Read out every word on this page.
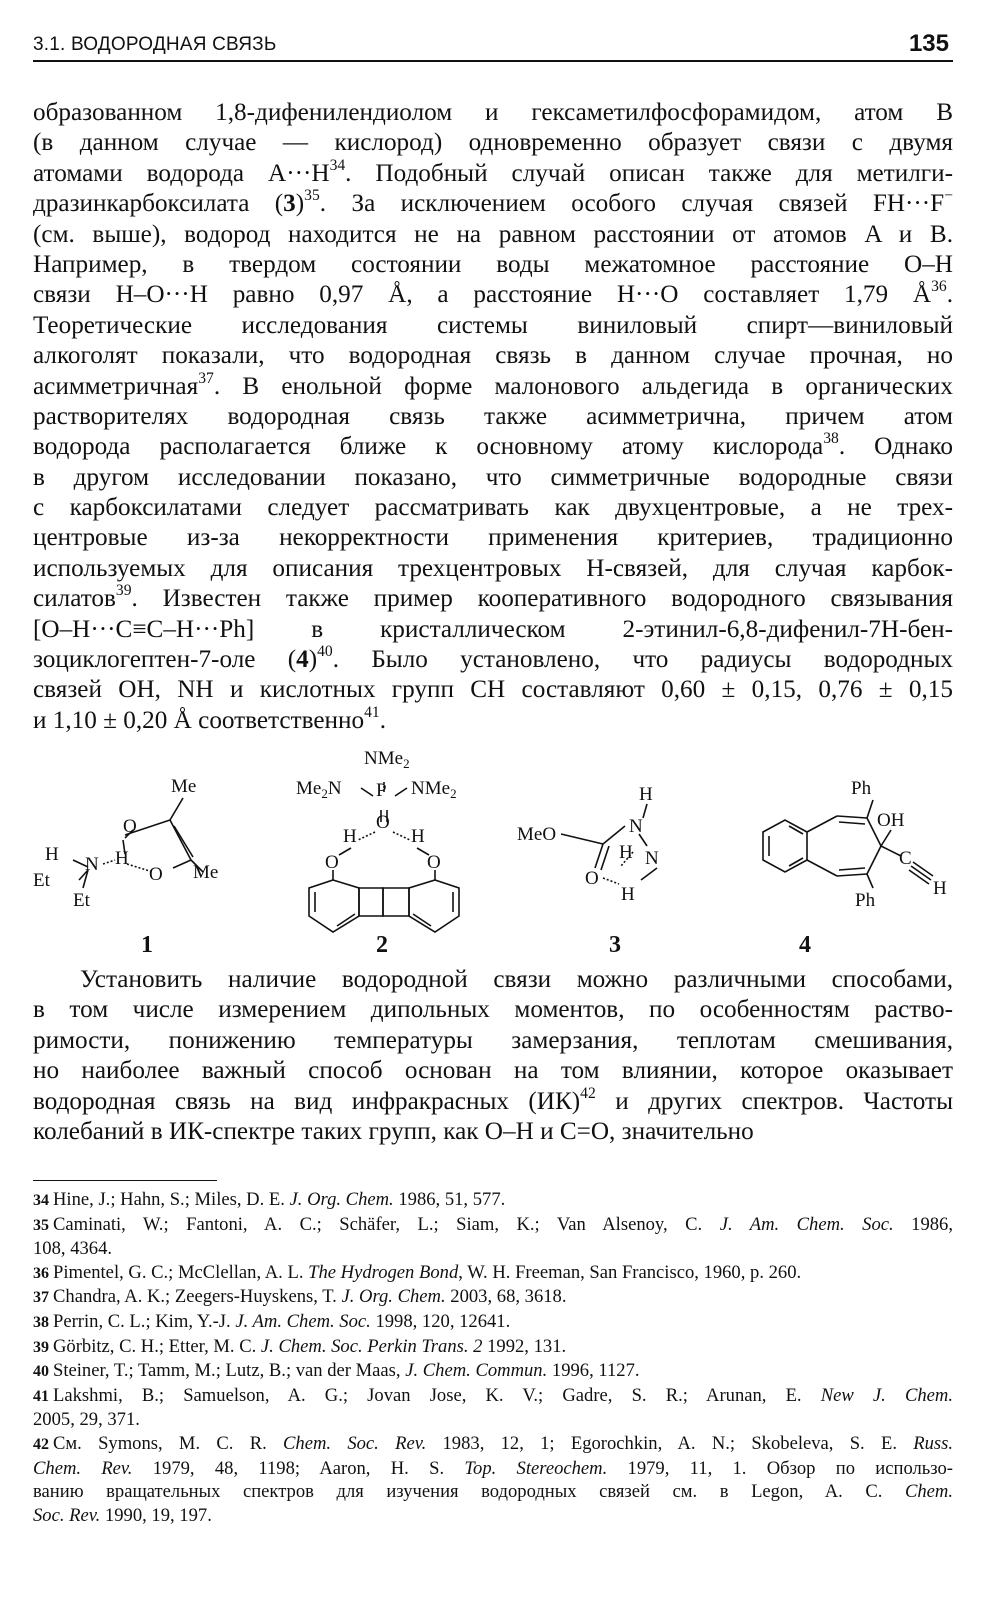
3.1. ВОДОРОДНАЯ СВЯЗЬ	135
образованном 1,8-дифенилендиолом и гексаметилфосфорамидом, атом B
(в данном случае — кислород) одновременно образует связи с двумя
атомами водорода $A\cdot\cdot\cdot H^{34}$. Подобный случай описан также для метилги-
дразинкарбоксилата $(3)^{35}$. За исключением особого случая связей FH···F−
(см. выше), водород находится не на равном расстоянии от атомов A и B.
Например, в твердом состоянии воды межатомное расстояние O–H
связи H–O···H равно 0,97 Å, а расстояние H···O составляет 1,79 $Å^{36}$.
Теоретические исследования системы виниловый спирт—виниловый
алкоголят показали, что водородная связь в данном случае прочная, но
асимметричная$^{37}$. В енольной форме малонового альдегида в органических
растворителях водородная связь также асимметрична, причем атом
водорода располагается ближе к основному атому кислорода$^{38}$. Однако
в другом исследовании показано, что симметричные водородные связи
с карбоксилатами следует рассматривать как двухцентровые, а не трех-
центровые из-за некорректности применения критериев, традиционно
используемых для описания трехцентровых H-связей, для случая карбок-
силатов$^{39}$. Известен также пример кооперативного водородного связывания
[O–H···C≡C–H···Ph] в кристаллическом 2-этинил-6,8-дифенил-7H-бен-
зоциклогептен-7-оле $(4)^{40}$. Было установлено, что радиусы водородных
связей OH, NH и кислотных групп CH составляют 0,60 ± 0,15, 0,76 ± 0,15
и 1,10 ± 0,20 Å соответственно$^{41}$.
Me
O
H N H
O Me
Et
Et
NMe$_2$
$Me_2N$ P NMe$_2$
O
H	H
O	O
H
N
MeO
H N
O
H
Ph
OH
C
Ph
H
1	2	3	4
Установить наличие водородной связи можно различными способами,
в том числе измерением дипольных моментов, по особенностям раство-
римости, понижению температуры замерзания, теплотам смешивания,
но наиболее важный способ основан на том влиянии, которое оказывает
водородная связь на вид инфракрасных (ИК)$^{42}$ и других спектров. Частоты
колебаний в ИК-спектре таких групп, как O–H и C=O, значительно
34 Hine, J.; Hahn, S.; Miles, D. E. J. Org. Chem. 1986, 51, 577.
35 Caminati, W.; Fantoni, A. C.; Schäfer, L.; Siam, K.; Van Alsenoy, C. J. Am. Chem. Soc. 1986,
108, 4364.
36 Pimentel, G. C.; McClellan, A. L. The Hydrogen Bond, W. H. Freeman, San Francisco, 1960, p. 260.
37 Chandra, A. K.; Zeegers-Huyskens, T. J. Org. Chem. 2003, 68, 3618.
38 Perrin, C. L.; Kim, Y.-J. J. Am. Chem. Soc. 1998, 120, 12641.
39 Görbitz, C. H.; Etter, M. C. J. Chem. Soc. Perkin Trans. 2 1992, 131.
40 Steiner, T.; Tamm, M.; Lutz, B.; van der Maas, J. Chem. Commun. 1996, 1127.
41 Lakshmi, B.; Samuelson, A. G.; Jovan Jose, K. V.; Gadre, S. R.; Arunan, E. New J. Chem.
2005, 29, 371.
42 См. Symons, M. C. R. Chem. Soc. Rev. 1983, 12, 1; Egorochkin, A. N.; Skobeleva, S. E. Russ.
Chem. Rev. 1979, 48, 1198; Aaron, H. S. Top. Stereochem. 1979, 11, 1. Обзор по использо-
ванию вращательных спектров для изучения водородных связей см. в Legon, A. C. Chem.
Soc. Rev. 1990, 19, 197.
